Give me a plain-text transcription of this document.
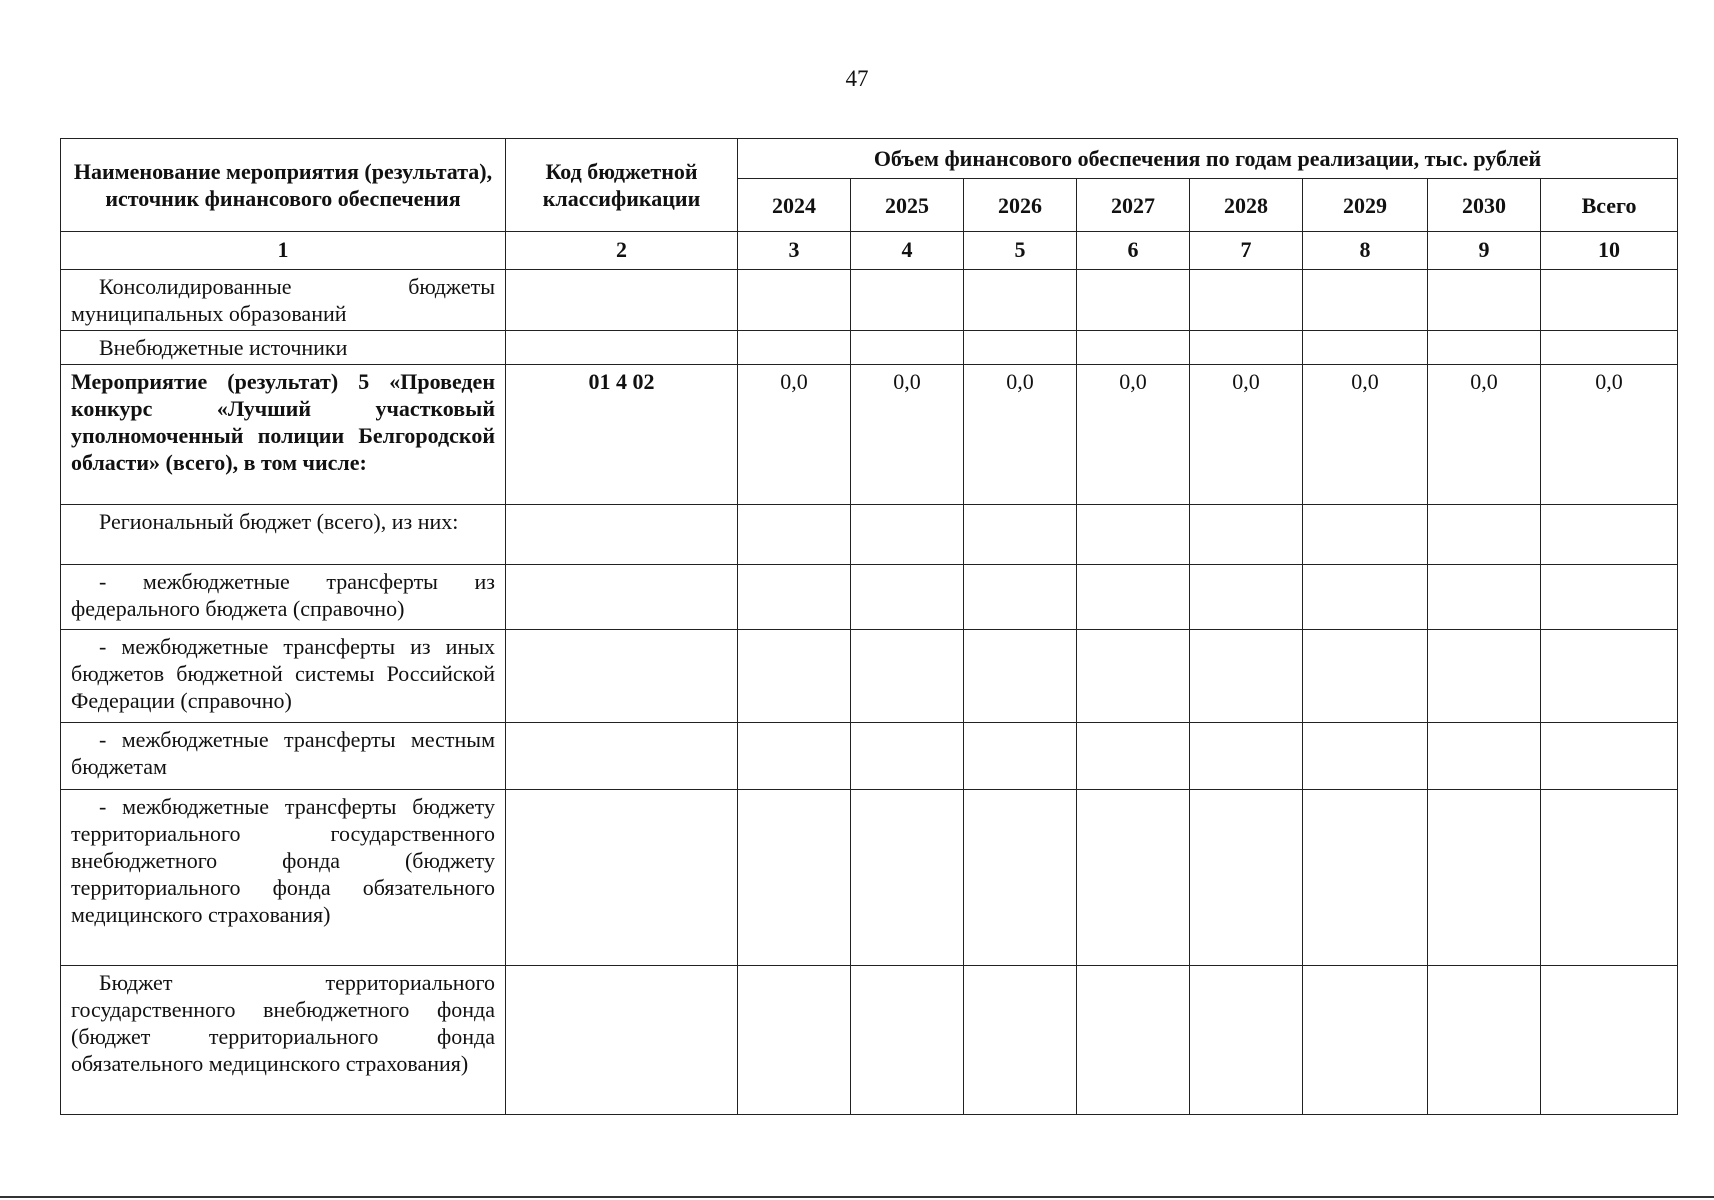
47
Наименование мероприятия (результата), источник финансового обеспечения	Код бюджетной классификации	Объем финансового обеспечения по годам реализации, тыс. рублей							
		2024	2025	2026	2027	2028	2029	2030	Всего
1	2	3	4	5	6	7	8	9	10
Консолидированные бюджеты муниципальных образований									
Внебюджетные источники									
Мероприятие (результат) 5 «Проведен конкурс «Лучший участковый уполномоченный полиции Белгородской области» (всего), в том числе:	01 4 02	0,0	0,0	0,0	0,0	0,0	0,0	0,0	0,0
Региональный бюджет (всего), из них:									
- межбюджетные трансферты из федерального бюджета (справочно)									
- межбюджетные трансферты из иных бюджетов бюджетной системы Российской Федерации (справочно)									
- межбюджетные трансферты местным бюджетам									
- межбюджетные трансферты бюджету территориального государственного внебюджетного фонда (бюджету территориального фонда обязательного медицинского страхования)									
Бюджет территориального государственного внебюджетного фонда (бюджет территориального фонда обязательного медицинского страхования)									
